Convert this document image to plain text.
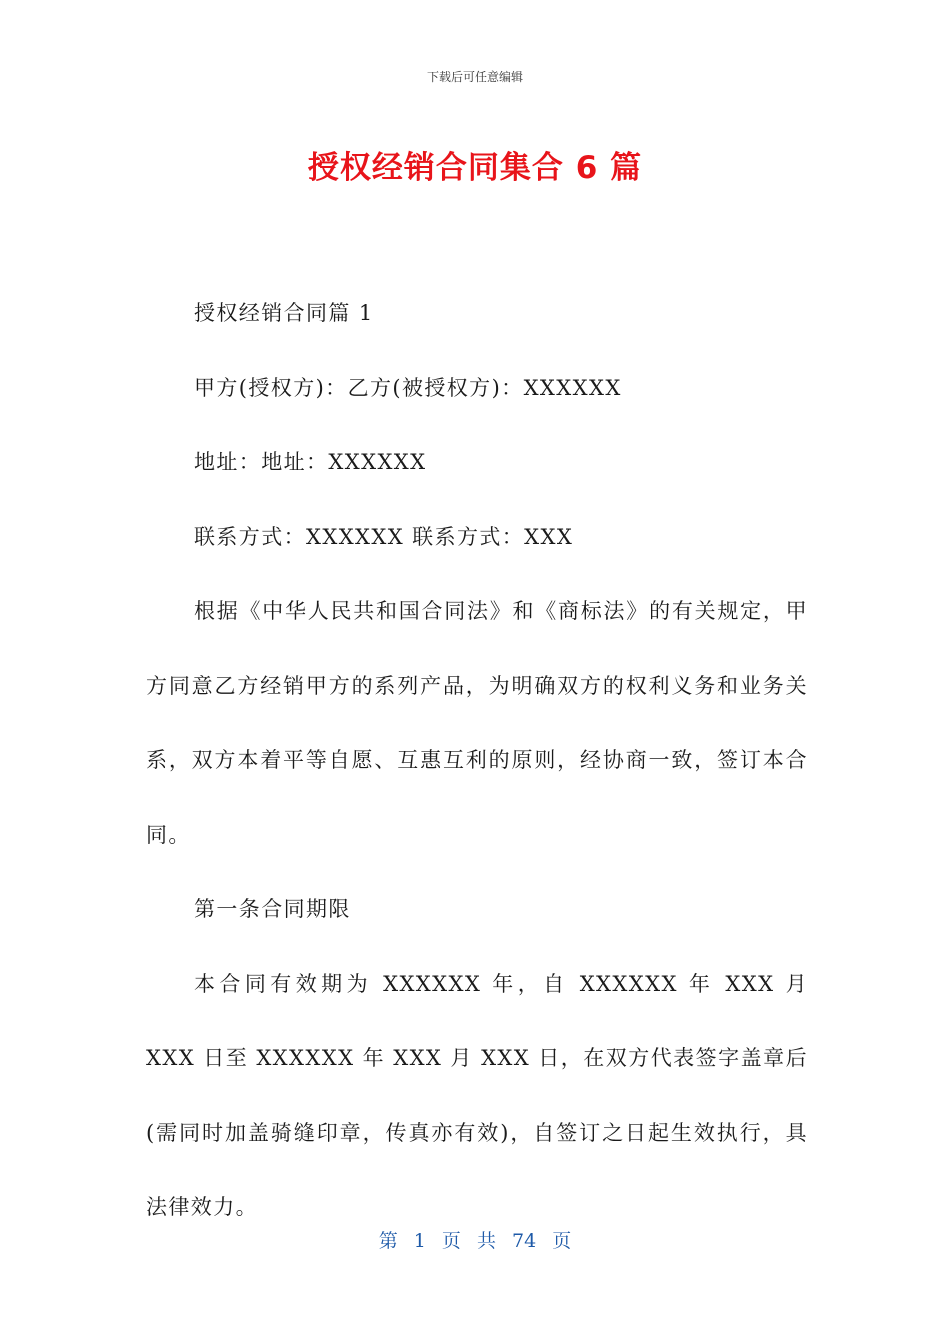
下载后可任意编辑
授权经销合同集合 6 篇

授权经销合同篇 1

甲方(授权方)：乙方(被授权方)：XXXXXX

地址：地址：XXXXXX

联系方式：XXXXXX 联系方式：XXX

根据《中华人民共和国合同法》和《商标法》的有关规定，甲方同意乙方经销甲方的系列产品，为明确双方的权利义务和业务关系，双方本着平等自愿、互惠互利的原则，经协商一致，签订本合同。

第一条合同期限

本合同有效期为 XXXXXX 年，自 XXXXXX 年 XXX 月 XXX 日至 XXXXXX 年 XXX 月 XXX 日，在双方代表签字盖章后(需同时加盖骑缝印章，传真亦有效)，自签订之日起生效执行，具法律效力。

第 1 页 共 74 页
